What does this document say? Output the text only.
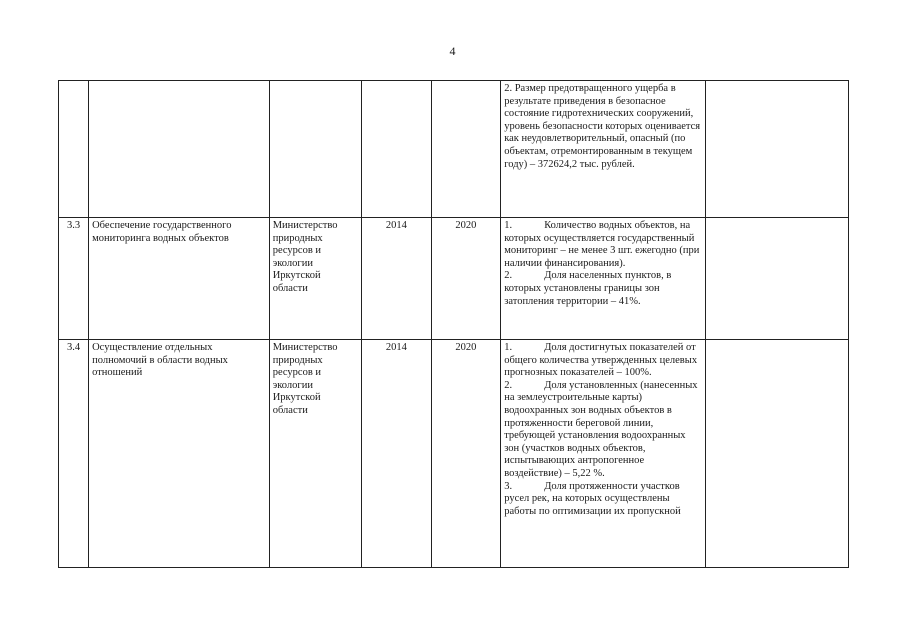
4

					2. Размер предотвращенного ущерба в результате приведения в безопасное состояние гидротехнических сооружений, уровень безопасности которых оценивается как неудовлетворительный, опасный (по объектам, отремонтированным в текущем году) – 372624,2 тыс. рублей.	

3.3	Обеспечение государственного мониторинга водных объектов	Министерство природных ресурсов и экологии Иркутской области	2014	2020	1. Количество водных объектов, на которых осуществляется государственный мониторинг – не менее 3 шт. ежегодно (при наличии финансирования).
2. Доля населенных пунктов, в которых установлены границы зон затопления территории – 41%.	

3.4	Осуществление отдельных полномочий в области водных отношений	Министерство природных ресурсов и экологии Иркутской области	2014	2020	1. Доля достигнутых показателей от общего количества утвержденных целевых прогнозных показателей – 100%.
2. Доля установленных (нанесенных на землеустроительные карты) водоохранных зон водных объектов в протяженности береговой линии, требующей установления водоохранных зон (участков водных объектов, испытывающих антропогенное воздействие) – 5,22 %.
3. Доля протяженности участков русел рек, на которых осуществлены работы по оптимизации их пропускной	
